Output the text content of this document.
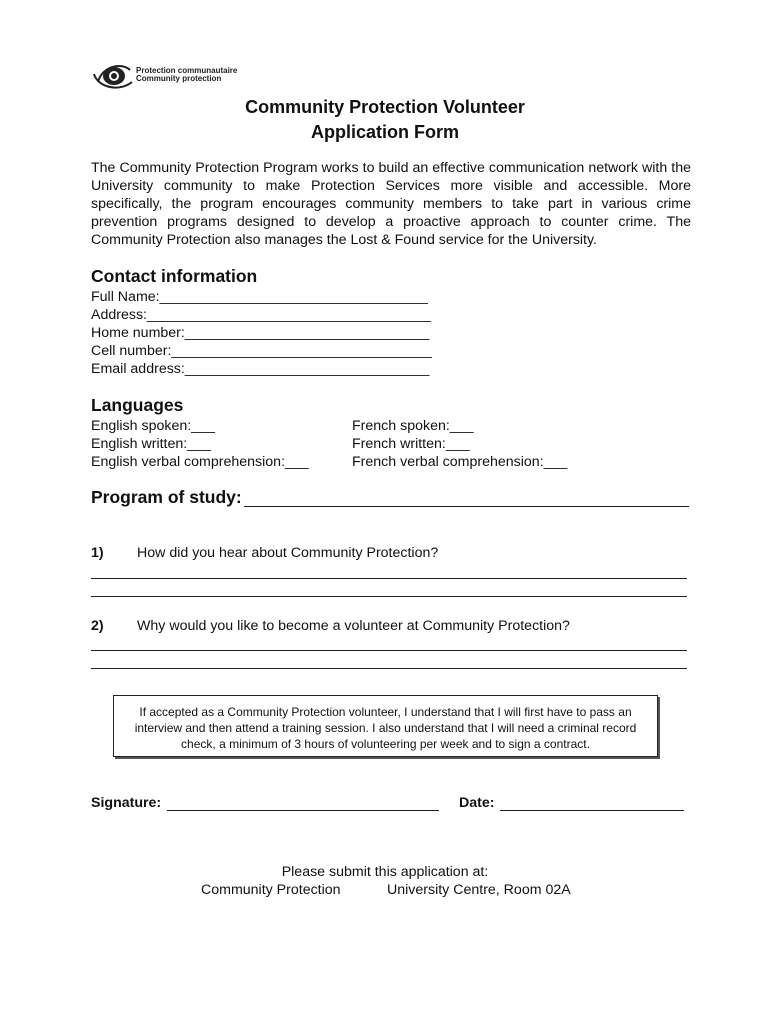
Protection communautaire
Community protection
Community Protection Volunteer
Application Form
The Community Protection Program works to build an effective communication network with the University community to make Protection Services more visible and accessible. More specifically, the program encourages community members to take part in various crime prevention programs designed to develop a proactive approach to counter crime. The Community Protection also manages the Lost & Found service for the University.
Contact information
Full Name:__________________________________
Address:____________________________________
Home number:_______________________________
Cell number:_________________________________
Email address:_______________________________
Languages
English spoken:___
English written:___
English verbal comprehension:___
French spoken:___
French written:___
French verbal comprehension:___
Program of study:
1) How did you hear about Community Protection?
2) Why would you like to become a volunteer at Community Protection?
If accepted as a Community Protection volunteer, I understand that I will first have to pass an interview and then attend a training session. I also understand that I will need a criminal record check, a minimum of 3 hours of volunteering per week and to sign a contract.
Signature:	Date:
Please submit this application at:
Community Protection	University Centre, Room 02A
